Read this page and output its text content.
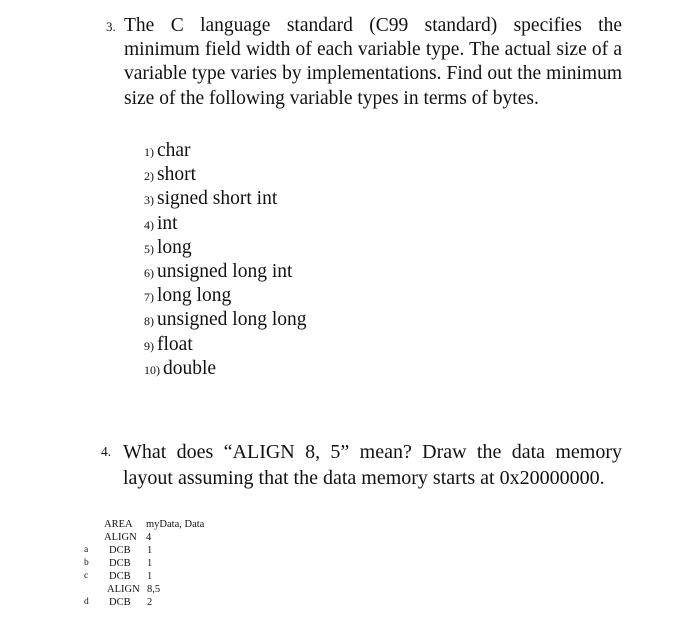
3. The C language standard (C99 standard) specifies the minimum field width of each variable type. The actual size of a variable type varies by implementations. Find out the minimum size of the following variable types in terms of bytes.
1) char
2) short
3) signed short int
4) int
5) long
6) unsigned long int
7) long long
8) unsigned long long
9) float
10) double
4. What does “ALIGN 8, 5” mean? Draw the data memory layout assuming that the data memory starts at 0x20000000.
AREA myData, Data
ALIGN 4
a	DCB 1
b	DCB 1
c	DCB 1
ALIGN 8,5
d	DCB 2
